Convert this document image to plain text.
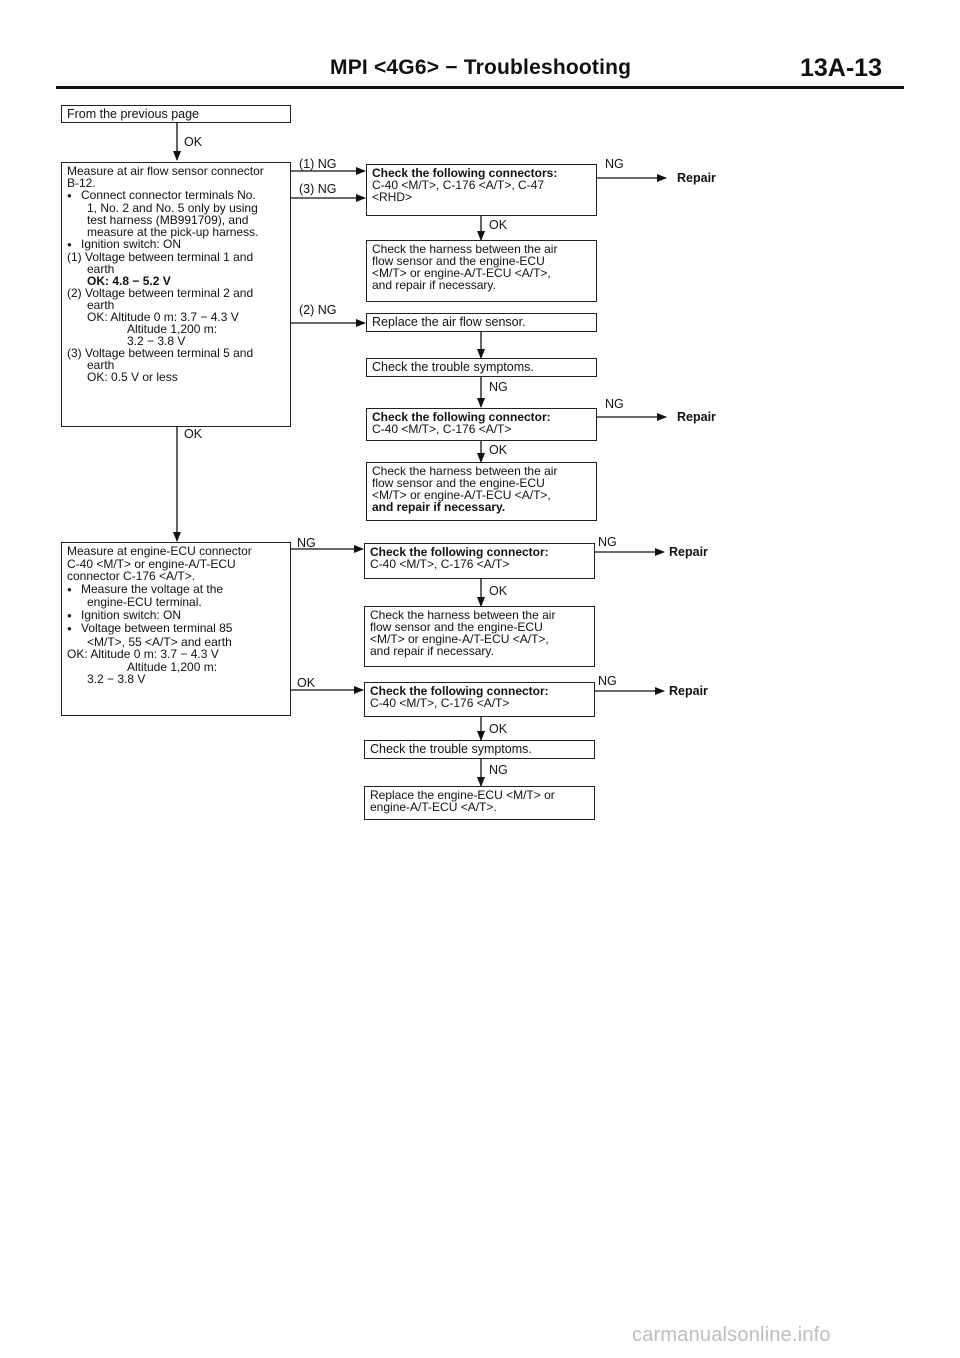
MPI <4G6> − Troubleshooting	13A-13
From the previous page
OK
Measure at air flow sensor connector
B-12.
● Connect connector terminals No.
1, No. 2 and No. 5 only by using
test harness (MB991709), and
measure at the pick-up harness.
● Ignition switch: ON
(1) Voltage between terminal 1 and
earth
OK: 4.8 − 5.2 V
(2) Voltage between terminal 2 and
earth
OK: Altitude 0 m: 3.7 − 4.3 V
Altitude 1,200 m:
3.2 − 3.8 V
(3) Voltage between terminal 5 and
earth
OK: 0.5 V or less
OK
Measure at engine-ECU connector
C-40 <M/T> or engine-A/T-ECU
connector C-176 <A/T>.
● Measure the voltage at the
engine-ECU terminal.
● Ignition switch: ON
● Voltage between terminal 85
<M/T>, 55 <A/T> and earth
OK: Altitude 0 m: 3.7 − 4.3 V
Altitude 1,200 m:
3.2 − 3.8 V
(1) NG
(3) NG
(2) NG
NG
OK
Check the following connectors:
C-40 <M/T>, C-176 <A/T>, C-47
<RHD>
NG
Repair
OK
Check the harness between the air
flow sensor and the engine-ECU
<M/T> or engine-A/T-ECU <A/T>,
and repair if necessary.
Replace the air flow sensor.
Check the trouble symptoms.
NG
Check the following connector:
C-40 <M/T>, C-176 <A/T>
NG
Repair
OK
Check the harness between the air
flow sensor and the engine-ECU
<M/T> or engine-A/T-ECU <A/T>,
and repair if necessary.
Check the following connector:
C-40 <M/T>, C-176 <A/T>
NG
Repair
OK
Check the harness between the air
flow sensor and the engine-ECU
<M/T> or engine-A/T-ECU <A/T>,
and repair if necessary.
Check the following connector:
C-40 <M/T>, C-176 <A/T>
NG
Repair
OK
Check the trouble symptoms.
NG
Replace the engine-ECU <M/T> or
engine-A/T-ECU <A/T>.
carmanualsonline.info
